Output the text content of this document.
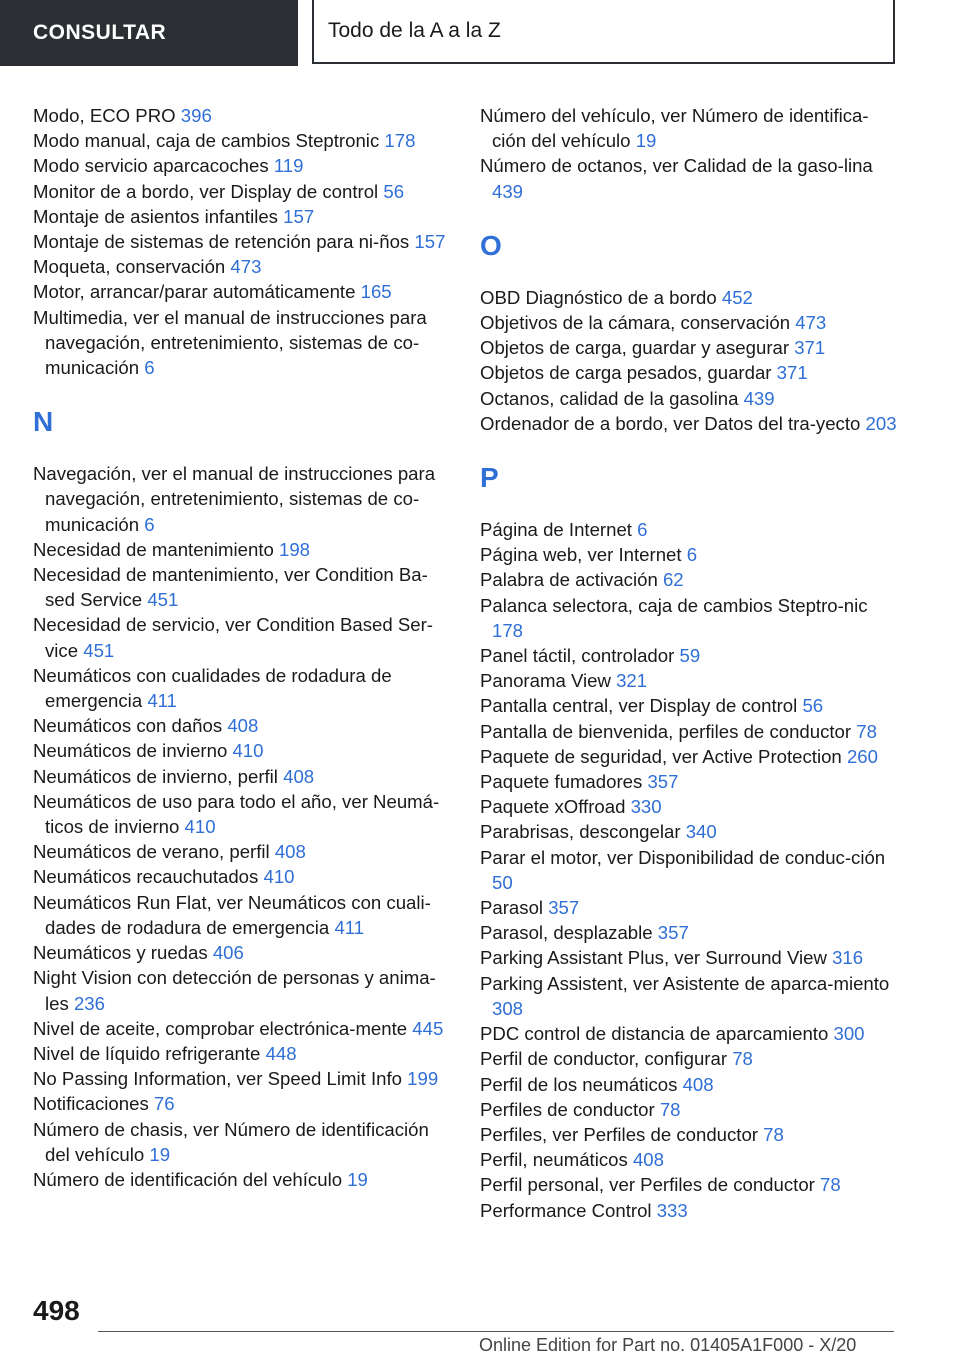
CONSULTAR	Todo de la A a la Z
Modo, ECO PRO 396
Modo manual, caja de cambios Steptronic 178
Modo servicio aparcacoches 119
Monitor de a bordo, ver Display de control 56
Montaje de asientos infantiles 157
Montaje de sistemas de retención para ni-ños 157
Moqueta, conservación 473
Motor, arrancar/parar automáticamente 165
Multimedia, ver el manual de instrucciones para navegación, entretenimiento, sistemas de co-municación 6
N
Navegación, ver el manual de instrucciones para navegación, entretenimiento, sistemas de co-municación 6
Necesidad de mantenimiento 198
Necesidad de mantenimiento, ver Condition Ba-sed Service 451
Necesidad de servicio, ver Condition Based Ser-vice 451
Neumáticos con cualidades de rodadura de emergencia 411
Neumáticos con daños 408
Neumáticos de invierno 410
Neumáticos de invierno, perfil 408
Neumáticos de uso para todo el año, ver Neumá-ticos de invierno 410
Neumáticos de verano, perfil 408
Neumáticos recauchutados 410
Neumáticos Run Flat, ver Neumáticos con cuali-dades de rodadura de emergencia 411
Neumáticos y ruedas 406
Night Vision con detección de personas y anima-les 236
Nivel de aceite, comprobar electrónica-mente 445
Nivel de líquido refrigerante 448
No Passing Information, ver Speed Limit Info 199
Notificaciones 76
Número de chasis, ver Número de identificación del vehículo 19
Número de identificación del vehículo 19
Número del vehículo, ver Número de identifica-ción del vehículo 19
Número de octanos, ver Calidad de la gaso-lina 439
O
OBD Diagnóstico de a bordo 452
Objetivos de la cámara, conservación 473
Objetos de carga, guardar y asegurar 371
Objetos de carga pesados, guardar 371
Octanos, calidad de la gasolina 439
Ordenador de a bordo, ver Datos del tra-yecto 203
P
Página de Internet 6
Página web, ver Internet 6
Palabra de activación 62
Palanca selectora, caja de cambios Steptro-nic 178
Panel táctil, controlador 59
Panorama View 321
Pantalla central, ver Display de control 56
Pantalla de bienvenida, perfiles de conductor 78
Paquete de seguridad, ver Active Protection 260
Paquete fumadores 357
Paquete xOffroad 330
Parabrisas, descongelar 340
Parar el motor, ver Disponibilidad de conduc-ción 50
Parasol 357
Parasol, desplazable 357
Parking Assistant Plus, ver Surround View 316
Parking Assistent, ver Asistente de aparca-miento 308
PDC control de distancia de aparcamiento 300
Perfil de conductor, configurar 78
Perfil de los neumáticos 408
Perfiles de conductor 78
Perfiles, ver Perfiles de conductor 78
Perfil, neumáticos 408
Perfil personal, ver Perfiles de conductor 78
Performance Control 333
498
Online Edition for Part no. 01405A1F000 - X/20
